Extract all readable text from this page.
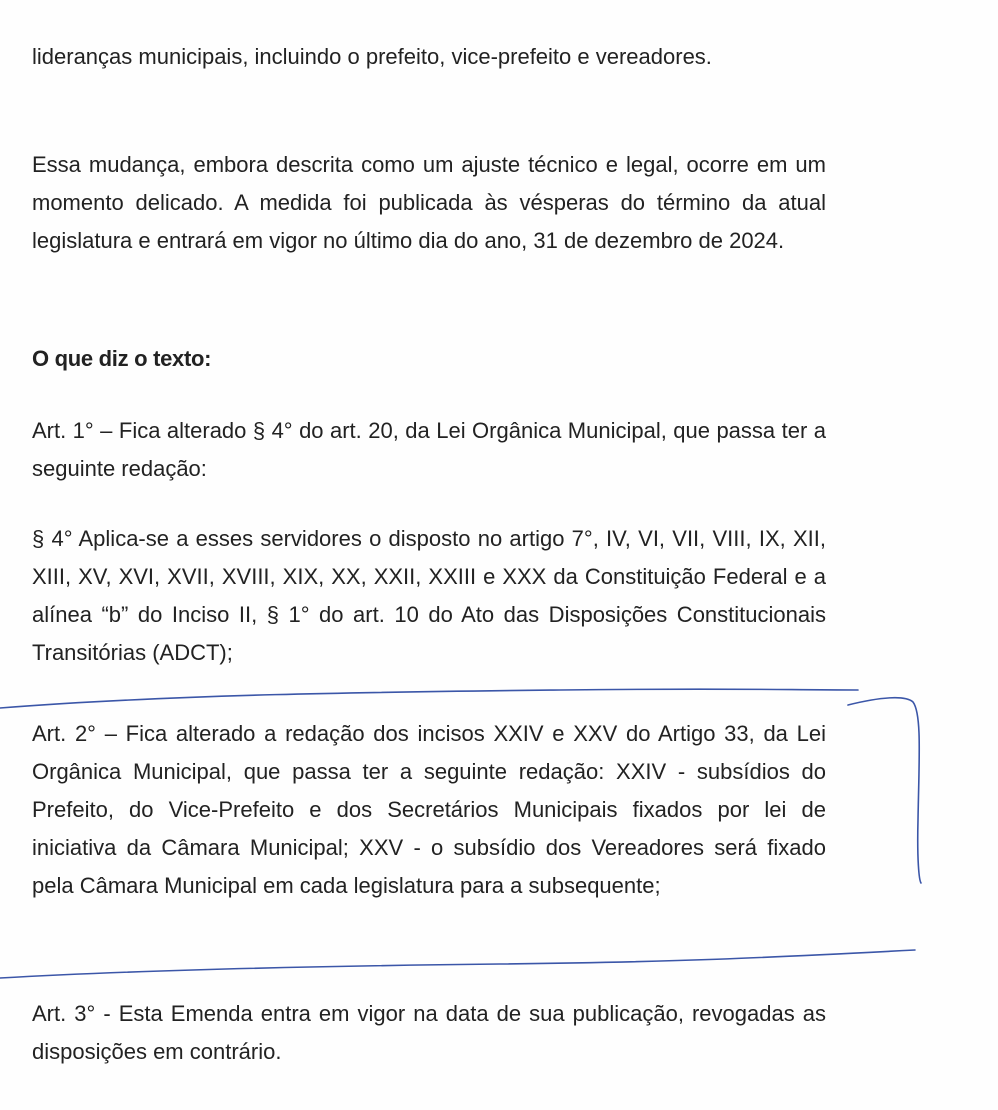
lideranças municipais, incluindo o prefeito, vice-prefeito e vereadores.

Essa mudança, embora descrita como um ajuste técnico e legal, ocorre em um momento delicado. A medida foi publicada às vésperas do término da atual legislatura e entrará em vigor no último dia do ano, 31 de dezembro de 2024.

O que diz o texto:

Art. 1° – Fica alterado § 4° do art. 20, da Lei Orgânica Municipal, que passa ter a seguinte redação:

§ 4° Aplica-se a esses servidores o disposto no artigo 7°, IV, VI, VII, VIII, IX, XII, XIII, XV, XVI, XVII, XVIII, XIX, XX, XXII, XXIII e XXX da Constituição Federal e a alínea “b” do Inciso II, § 1° do art. 10 do Ato das Disposições Constitucionais Transitórias (ADCT);

Art. 2° – Fica alterado a redação dos incisos XXIV e XXV do Artigo 33, da Lei Orgânica Municipal, que passa ter a seguinte redação: XXIV - subsídios do Prefeito, do Vice-Prefeito e dos Secretários Municipais fixados por lei de iniciativa da Câmara Municipal; XXV - o subsídio dos Vereadores será fixado pela Câmara Municipal em cada legislatura para a subsequente;

Art. 3° - Esta Emenda entra em vigor na data de sua publicação, revogadas as disposições em contrário.
